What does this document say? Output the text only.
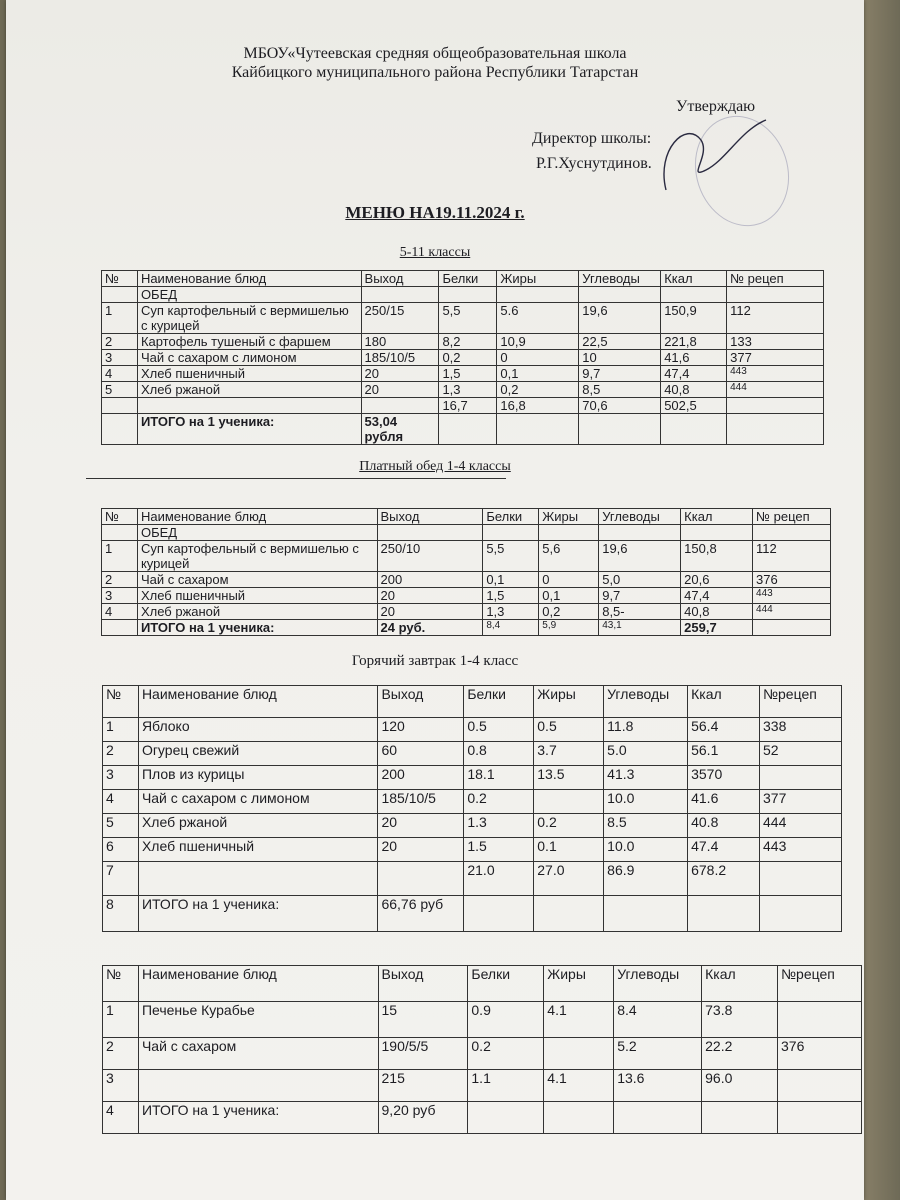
МБОУ«Чутеевская средняя общеобразовательная школа
Кайбицкого муниципального района Республики Татарстан
Утверждаю
Директор школы:
Р.Г.Хуснутдинов.
МЕНЮ НА19.11.2024 г.
5-11 классы
№	Наименование блюд	Выход	Белки	Жиры	Углеводы	Ккал	№ рецеп
	ОБЕД						
1	Суп картофельный с вермишелью с курицей	250/15	5,5	5.6	19,6	150,9	112
2	Картофель тушеный с фаршем	180	8,2	10,9	22,5	221,8	133
3	Чай с сахаром с лимоном	185/10/5	0,2	0	10	41,6	377
4	Хлеб пшеничный	20	1,5	0,1	9,7	47,4	443
5	Хлеб ржаной	20	1,3	0,2	8,5	40,8	444
			16,7	16,8	70,6	502,5	
	ИТОГО на 1 ученика:	53,04 рубля					
Платный обед 1-4 классы
№	Наименование блюд	Выход	Белки	Жиры	Углеводы	Ккал	№ рецеп
	ОБЕД						
1	Суп картофельный с вермишелью с курицей	250/10	5,5	5,6	19,6	150,8	112
2	Чай с сахаром	200	0,1	0	5,0	20,6	376
3	Хлеб пшеничный	20	1,5	0,1	9,7	47,4	443
4	Хлеб ржаной	20	1,3	0,2	8,5-	40,8	444
	ИТОГО на 1 ученика:	24 руб.	8,4	5,9	43,1	259,7	
Горячий завтрак 1-4 класс
№	Наименование блюд	Выход	Белки	Жиры	Углеводы	Ккал	№рецеп
1	Яблоко	120	0.5	0.5	11.8	56.4	338
2	Огурец свежий	60	0.8	3.7	5.0	56.1	52
3	Плов из курицы	200	18.1	13.5	41.3	3570	
4	Чай с сахаром с лимоном	185/10/5	0.2		10.0	41.6	377
5	Хлеб ржаной	20	1.3	0.2	8.5	40.8	444
6	Хлеб пшеничный	20	1.5	0.1	10.0	47.4	443
7			21.0	27.0	86.9	678.2	
8	ИТОГО на 1 ученика:	66,76 руб					
№	Наименование блюд	Выход	Белки	Жиры	Углеводы	Ккал	№рецеп
1	Печенье Курабье	15	0.9	4.1	8.4	73.8	
2	Чай с сахаром	190/5/5	0.2		5.2	22.2	376
3		215	1.1	4.1	13.6	96.0	
4	ИТОГО на 1 ученика:	9,20 руб					
